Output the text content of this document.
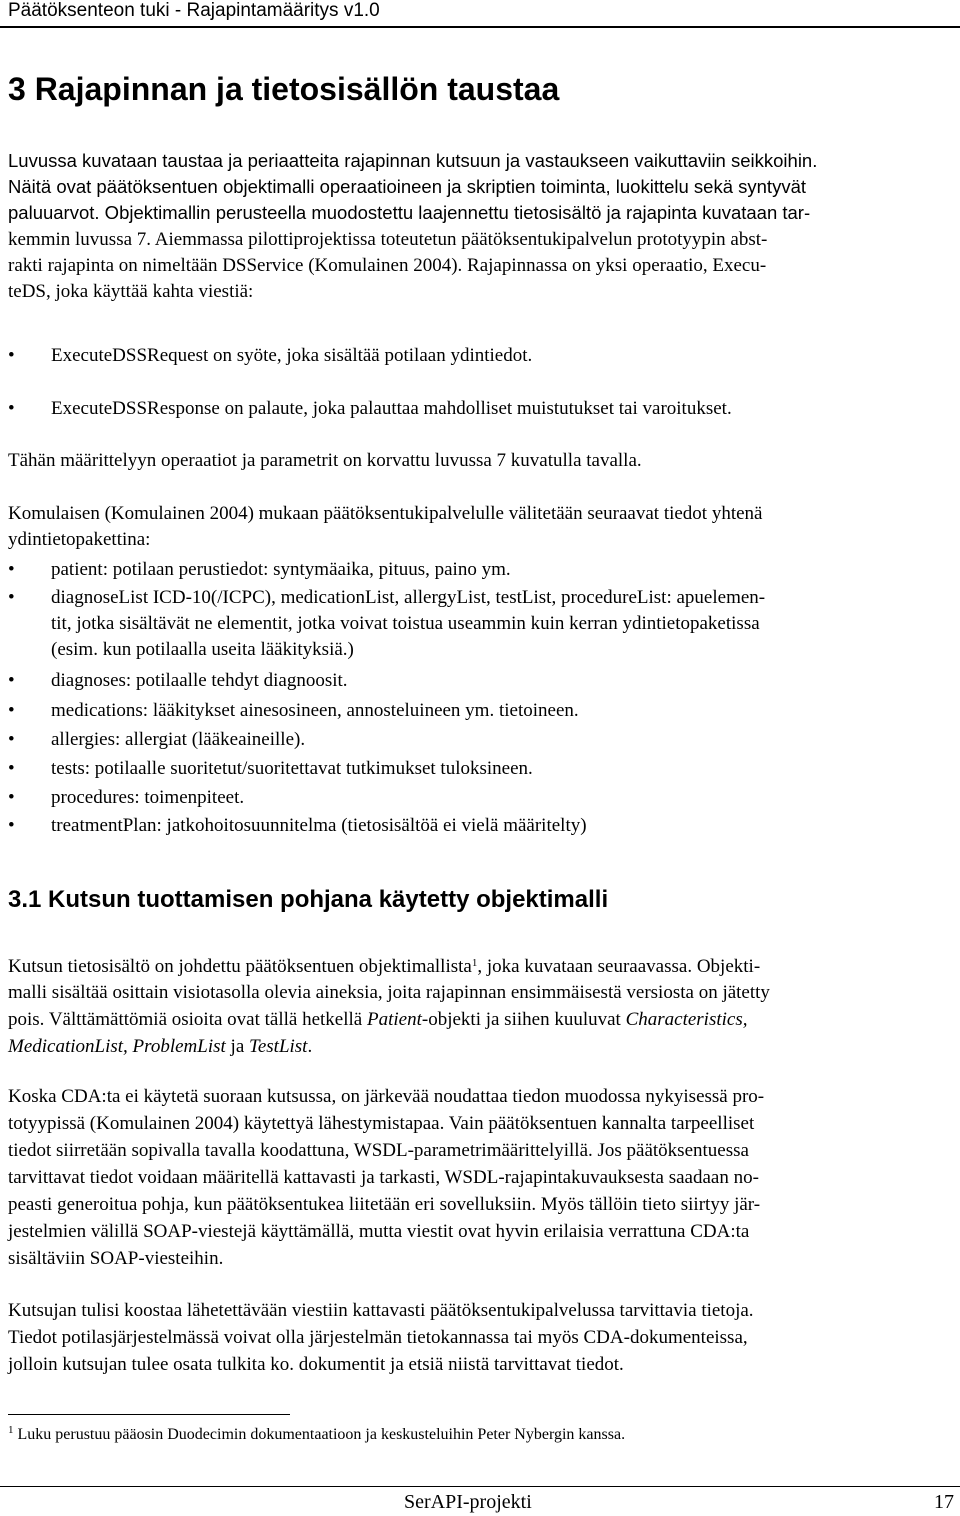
Päätöksenteon tuki - Rajapintamääritys v1.0
3 Rajapinnan ja tietosisällön taustaa
Luvussa kuvataan taustaa ja periaatteita rajapinnan kutsuun ja vastaukseen vaikuttaviin seikkoihin.
Näitä ovat päätöksentuen objektimalli operaatioineen ja skriptien toiminta, luokittelu sekä syntyvät
paluuarvot. Objektimallin perusteella muodostettu laajennettu tietosisältö ja rajapinta kuvataan tar-
kemmin luvussa 7. Aiemmassa pilottiprojektissa toteutetun päätöksentukipalvelun prototyypin abst-
rakti rajapinta on nimeltään DSService (Komulainen 2004). Rajapinnassa on yksi operaatio, Execu-
teDS, joka käyttää kahta viestiä:
• ExecuteDSSRequest on syöte, joka sisältää potilaan ydintiedot.
• ExecuteDSSResponse on palaute, joka palauttaa mahdolliset muistutukset tai varoitukset.
Tähän määrittelyyn operaatiot ja parametrit on korvattu luvussa 7 kuvatulla tavalla.
Komulaisen (Komulainen 2004) mukaan päätöksentukipalvelulle välitetään seuraavat tiedot yhtenä
ydintietopakettina:
• patient: potilaan perustiedot: syntymäaika, pituus, paino ym.
• diagnoseList ICD-10(/ICPC), medicationList, allergyList, testList, procedureList: apuelemen-
tit, jotka sisältävät ne elementit, jotka voivat toistua useammin kuin kerran ydintietopaketissa
(esim. kun potilaalla useita lääkityksiä.)
• diagnoses: potilaalle tehdyt diagnoosit.
• medications: lääkitykset ainesosineen, annosteluineen ym. tietoineen.
• allergies: allergiat (lääkeaineille).
• tests: potilaalle suoritetut/suoritettavat tutkimukset tuloksineen.
• procedures: toimenpiteet.
• treatmentPlan: jatkohoitosuunnitelma (tietosisältöä ei vielä määritelty)
3.1 Kutsun tuottamisen pohjana käytetty objektimalli
Kutsun tietosisältö on johdettu päätöksentuen objektimallista$^1$, joka kuvataan seuraavassa. Objekti-
malli sisältää osittain visiotasolla olevia aineksia, joita rajapinnan ensimmäisestä versiosta on jätetty
pois. Välttämättömiä osioita ovat tällä hetkellä Patient-objekti ja siihen kuuluvat Characteristics,
MedicationList, ProblemList ja TestList.
Koska CDA:ta ei käytetä suoraan kutsussa, on järkevää noudattaa tiedon muodossa nykyisessä pro-
totyypissä (Komulainen 2004) käytettyä lähestymistapaa. Vain päätöksentuen kannalta tarpeelliset
tiedot siirretään sopivalla tavalla koodattuna, WSDL-parametrimäärittelyillä. Jos päätöksentuessa
tarvittavat tiedot voidaan määritellä kattavasti ja tarkasti, WSDL-rajapintakuvauksesta saadaan no-
peasti generoitua pohja, kun päätöksentukea liitetään eri sovelluksiin. Myös tällöin tieto siirtyy jär-
jestelmien välillä SOAP-viestejä käyttämällä, mutta viestit ovat hyvin erilaisia verrattuna CDA:ta
sisältäviin SOAP-viesteihin.
Kutsujan tulisi koostaa lähetettävään viestiin kattavasti päätöksentukipalvelussa tarvittavia tietoja.
Tiedot potilasjärjestelmässä voivat olla järjestelmän tietokannassa tai myös CDA-dokumenteissa,
jolloin kutsujan tulee osata tulkita ko. dokumentit ja etsiä niistä tarvittavat tiedot.
$^1$ Luku perustuu pääosin Duodecimin dokumentaatioon ja keskusteluihin Peter Nybergin kanssa.
SerAPI-projekti	17
